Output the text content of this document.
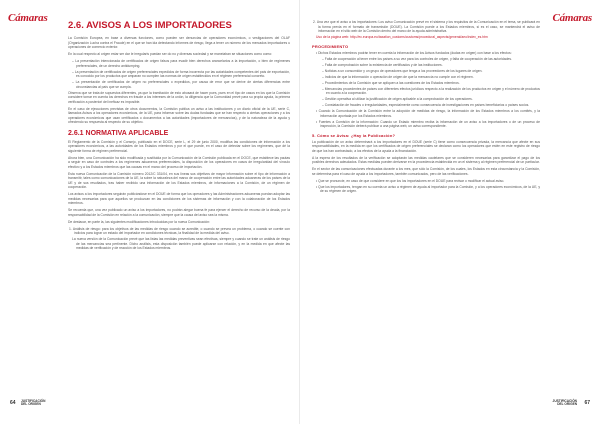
Cámaras
2.6. AVISOS A LOS IMPORTADORES

La Comisión Europea, en base a diversas funciones, como pueden ser denuncias de operadores económicos, o vestigaciones del OLAF (Organización Lucha contra el Fraude) en el que se han ida detectando informes de riesgo, llega a tener un número de los mercados importadores u operaciones de comercio exterior.

En la cual respecto al origen estar ser dar le irregularis puedan ser do no y diversas sociedad y se maneiaban se situaciones como como:

– La presentación intencionada de certificados de origen falsos para evadir bien derechos arancelarios a la importación, o bien de regimenes preferenciales, de un derecho antidumping.

– La presentación de certificados de origen preferenciales expedidos de forma incorrecta por las autoridades competentes del país de exportación, es conocido por los productos que amparan no cumplen las normas de origen establecidos en el régimen preferencial concreto.

– La presentación de certificados de origen no preferenciales o expedidos, por causa de error que se derive de ciertas diferencias entre circunstancias al país que se cumpla.

Observa que se trata de supuestos diferentes, ya que la tramitación de esto abusará de hacer pues, pues en el tipo de casos en los que la Comisión considere tomar en cuenta los derechos en fraude a los intereses de la unión, la diligencia que la Comunidad prevé para su propia ayuda, la primera verificación a posteriori del ineficaz es imposible.

En el caso de ejecuciones previstas de otros documentos, la Comisión publica un aviso a las instituciones y un diario oficial de la UE, serie C, llamados Avisos a los operadores económicos, de la UE, para informar sobre las dudas fundadas que se han respecto a ciertas operaciones y a los operadores económicos que usan certificados o documentos a las autoridades (importadores de mercancías), y de la naturaleza de la ayuda y ofreciendo su respuesta al respecto de su objetivo.

2.6.1 NORMATIVA APLICABLE

El Reglamento de la Comisión y el Consejo, publicado en el DOCE, serie L, el 29 de junio 2000, modifica las condiciones de información a los operadores económicos, a las autoridades de los Estados miembros y por el que puede, en el caso de detectar sobre los regímenes, que dé la siguiente forma de régimen preferencial.

Ahora bien, una Comunicación ha sido modificada y sustituida por la Comunicación de la Comisión publicada en el DOCE, que establece las pautas a seguir en caso de controles a los regímenes aduaneros preferenciales, la disposición de los operadores en casos de irregularidad del vínculo efectivo y a los Estados miembros que las causas en el marco del proceso de importación.

Esta nueva Comunicación de la Comisión número 2012/C 331/04, en sus líneas sus objetivos de mayor información sobre el tipo de información a transmitir, tales como comunicaciones de la UE, la sobre la naturaleza del marco de cooperación entre las autoridades aduaneras de los países de la UE y de sus resultados, tras haber recibido una información de los Estados miembros, de informaciones a la Comisión, de un régimen de cooperación.

Los avisos a los importadores seguirán publicándose en el DOUE de forma que los operadores y las Administraciones aduaneras puedan adoptar las medidas necesarias para que aquellos se produzcan en las condiciones de los sistemas de información y con la colaboración de los Estados miembros.

Se recuerda que, una vez publicado un aviso a los importadores, no podrán alegar buena fe para ejercer el derecho de recurso de la deuda, por la responsabilidad de la Comisión en relación a la comunicación, siempre que la causa del aviso sea la misma.

De destacar, en parte la, las siguientes modificaciones introducidas por la nueva Comunicación:

1. Análisis de riesgo: para los objetivos de las medidas de riesgo cuando se acredite, o cuando se prevea un problema, o cuando se cuente con indicios para lograr un estado del importador en condiciones técnicas, la finalidad de la medida del aviso.

La nueva versión de la Comunicación prevé que las listas las medidas preventivas sean efectivas, siempre y cuando se trate un análisis de riesgo de las mercancías sea pertinente. Dicho análisis, esta disposición también puede aplicarse con relación, y en la medida en que afecte las medidas de verificación y de reacción de los Estados miembros.

64 JUSTIFICACIÓN
DEL ORIGEN
Cámaras

2. Una vez que el aviso a los importadores: Los aviso Comunicación prevé en el sistema y los requisitos de la Comunicación en el tema, se publicará en la forma previa en el formato de transmisión (DOUE). La Comisión puede a los Estados miembros, si es el caso, se mantendrá el aviso de información en el sitio web de la Comisión dentro del marco de la ayuda administrativa.

Uso de la página web: http://ec.europa.eu/taxation_customs/customs/procedural_aspects/general/aeo/index_es.htm

PROCEDIMIENTO

• Dichos Estados miembros podrán tener en cuenta la información de los Avisos fundados (dudas en origen) con base a los efectos:

– Falta de cooperación al tener entre los países a su vez para los controles de origen, y falta de cooperación de las autoridades.

– Falta de comprobación sobre la existencia de certificados y de las instituciones.

– Noticias a un consumidor y un grupo de operadores que tenga a los proveedores de los lugares de origen.

– Indicios de que la información o operación de origen de que la mercancía no cumple con el régimen.

– Procedimientos de la Comisión que se apliquen a las cuestiones de los Estados miembros.

– Mercancías procedentes de países con diferentes efectos jurídicos respecto a la realización de los productos en origen y el número de productos en cuanto a la cooperación.

– Gestión operativa al utilizar la justificación de origen aplicable a la comprobación de los operadores.

– Constatación de fraudes o irregularidades, especialmente como consecuencia de investigaciones en países beneficiarios o países socios.

• Cuando la Comunicación de la Comisión entre la adopción de medidas de riesgo, la información de los Estados miembros a los comités, y la información aportada por los Estados miembros.

• Fuentes a Comisión de la información: Cuando un Estado miembro reciba la información de un aviso a los importadores o de un proceso de inspección, la Comisión deberá publicar a una página web, un aviso correspondiente.

5. Cómo se Avisa: ¿Hay la Publicación?

La publicación de un aviso determinará a los importadores en el DOUE (serie C) tiene como consecuencia privada, la mercancía que afecte en sus responsabilidades, en la medida en que los certificados de origen preferenciales se declaran como los operadores que estén en este registro de riesgo de que los han contrastado, a los efectos de la ayuda a la financiación.

A la espera de los resultados de la verificación se adoptarán las medidas cautelares que se consideren necesarias para garantizar el pago de los posibles derechos adeudados. Estas medidas pueden derivarse en la procedencia establecida en un el sistema y al régimen preferencial de un particular.

En el sector de las comunicaciones efectuadas durante a los mes, que sólo la Comisión, de los cuales, los Estados en esta circunstancia y la Comisión, se determina para el caso de ayuda a los importadores, también comunicados, pero de las verificaciones.

• Que se pronuncie, en caso de que considere en que los los importadores en el DOUE para revisar o modificar el actual aviso.

• Que los importadores, tengan en su cuenta un aviso a régimen de ayuda al importador para la Comisión, y a los operadores económicos, de la UE, y de su régimen de origen.

67
JUSTIFICACIÓN
DEL ORIGEN
